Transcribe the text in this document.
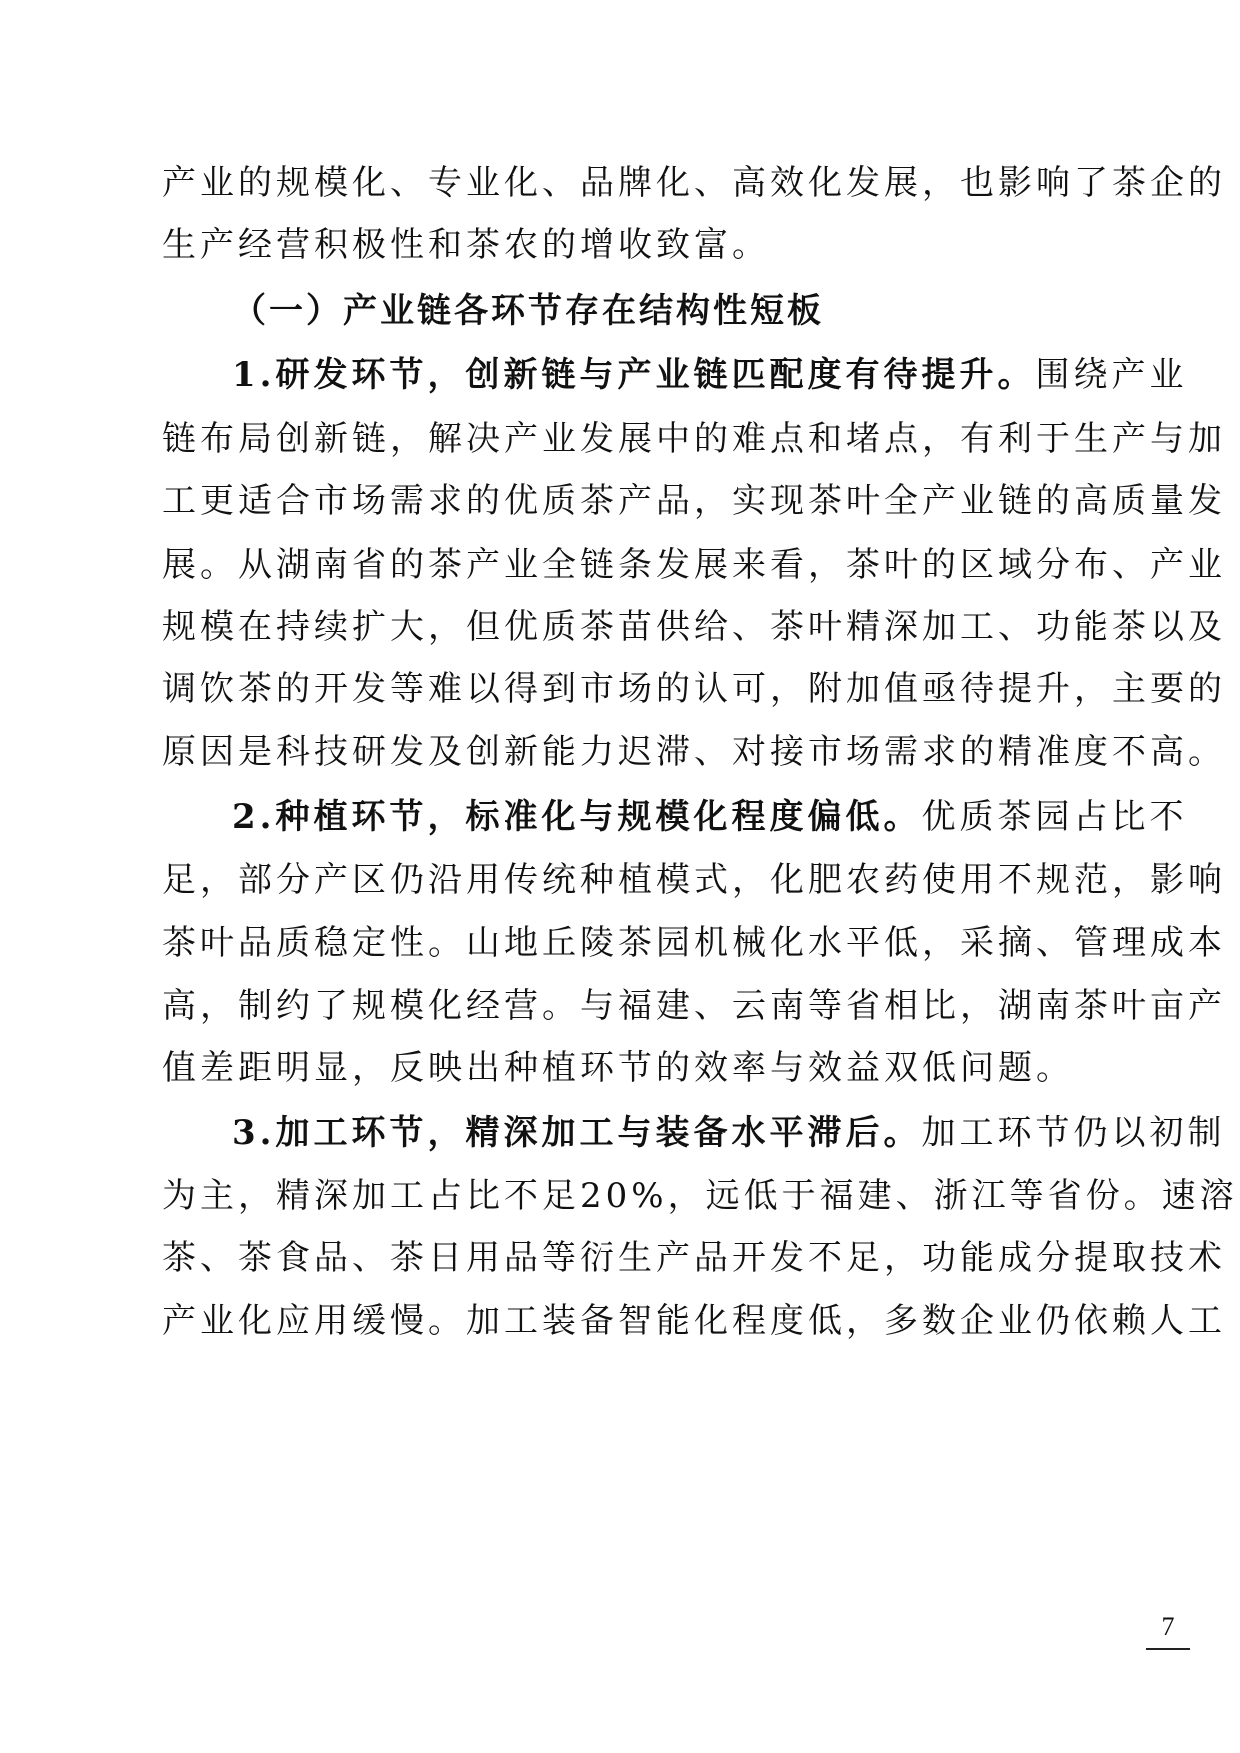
产业的规模化、专业化、品牌化、高效化发展，也影响了茶企的
生产经营积极性和茶农的增收致富。
（一）产业链各环节存在结构性短板
1.研发环节，创新链与产业链匹配度有待提升。围绕产业
链布局创新链，解决产业发展中的难点和堵点，有利于生产与加
工更适合市场需求的优质茶产品，实现茶叶全产业链的高质量发
展。从湖南省的茶产业全链条发展来看，茶叶的区域分布、产业
规模在持续扩大，但优质茶苗供给、茶叶精深加工、功能茶以及
调饮茶的开发等难以得到市场的认可，附加值亟待提升，主要的
原因是科技研发及创新能力迟滞、对接市场需求的精准度不高。
2.种植环节，标准化与规模化程度偏低。优质茶园占比不
足，部分产区仍沿用传统种植模式，化肥农药使用不规范，影响
茶叶品质稳定性。山地丘陵茶园机械化水平低，采摘、管理成本
高，制约了规模化经营。与福建、云南等省相比，湖南茶叶亩产
值差距明显，反映出种植环节的效率与效益双低问题。
3.加工环节，精深加工与装备水平滞后。加工环节仍以初制
为主，精深加工占比不足20%，远低于福建、浙江等省份。速溶
茶、茶食品、茶日用品等衍生产品开发不足，功能成分提取技术
产业化应用缓慢。加工装备智能化程度低，多数企业仍依赖人工
7
